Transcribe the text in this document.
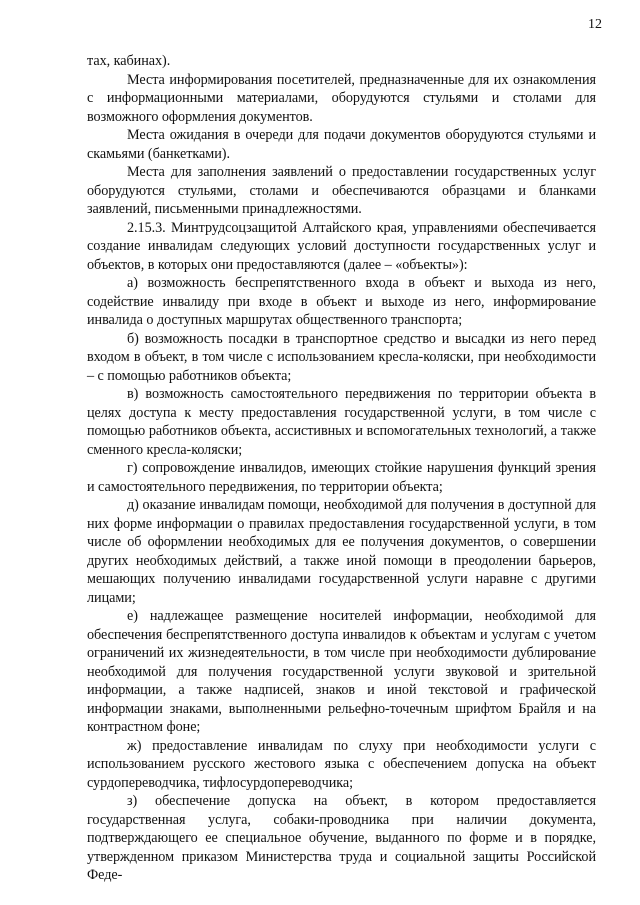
12

тах, кабинах).

Места информирования посетителей, предназначенные для их ознакомления с информационными материалами, оборудуются стульями и столами для возможного оформления документов.

Места ожидания в очереди для подачи документов оборудуются стульями и скамьями (банкетками).

Места для заполнения заявлений о предоставлении государственных услуг оборудуются стульями, столами и обеспечиваются образцами и бланками заявлений, письменными принадлежностями.

2.15.3. Минтрудсоцзащитой Алтайского края, управлениями обеспечивается создание инвалидам следующих условий доступности государственных услуг и объектов, в которых они предоставляются (далее – «объекты»):

а) возможность беспрепятственного входа в объект и выхода из него, содействие инвалиду при входе в объект и выходе из него, информирование инвалида о доступных маршрутах общественного транспорта;

б) возможность посадки в транспортное средство и высадки из него перед входом в объект, в том числе с использованием кресла-коляски, при необходимости – с помощью работников объекта;

в) возможность самостоятельного передвижения по территории объекта в целях доступа к месту предоставления государственной услуги, в том числе с помощью работников объекта, ассистивных и вспомогательных технологий, а также сменного кресла-коляски;

г) сопровождение инвалидов, имеющих стойкие нарушения функций зрения и самостоятельного передвижения, по территории объекта;

д) оказание инвалидам помощи, необходимой для получения в доступной для них форме информации о правилах предоставления государственной услуги, в том числе об оформлении необходимых для ее получения документов, о совершении других необходимых действий, а также иной помощи в преодолении барьеров, мешающих получению инвалидами государственной услуги наравне с другими лицами;

е) надлежащее размещение носителей информации, необходимой для обеспечения беспрепятственного доступа инвалидов к объектам и услугам с учетом ограничений их жизнедеятельности, в том числе при необходимости дублирование необходимой для получения государственной услуги звуковой и зрительной информации, а также надписей, знаков и иной текстовой и графической информации знаками, выполненными рельефно-точечным шрифтом Брайля и на контрастном фоне;

ж) предоставление инвалидам по слуху при необходимости услуги с использованием русского жестового языка с обеспечением допуска на объект сурдопереводчика, тифлосурдопереводчика;

з) обеспечение допуска на объект, в котором предоставляется государственная услуга, собаки-проводника при наличии документа, подтверждающего ее специальное обучение, выданного по форме и в порядке, утвержденном приказом Министерства труда и социальной защиты Российской Феде-
